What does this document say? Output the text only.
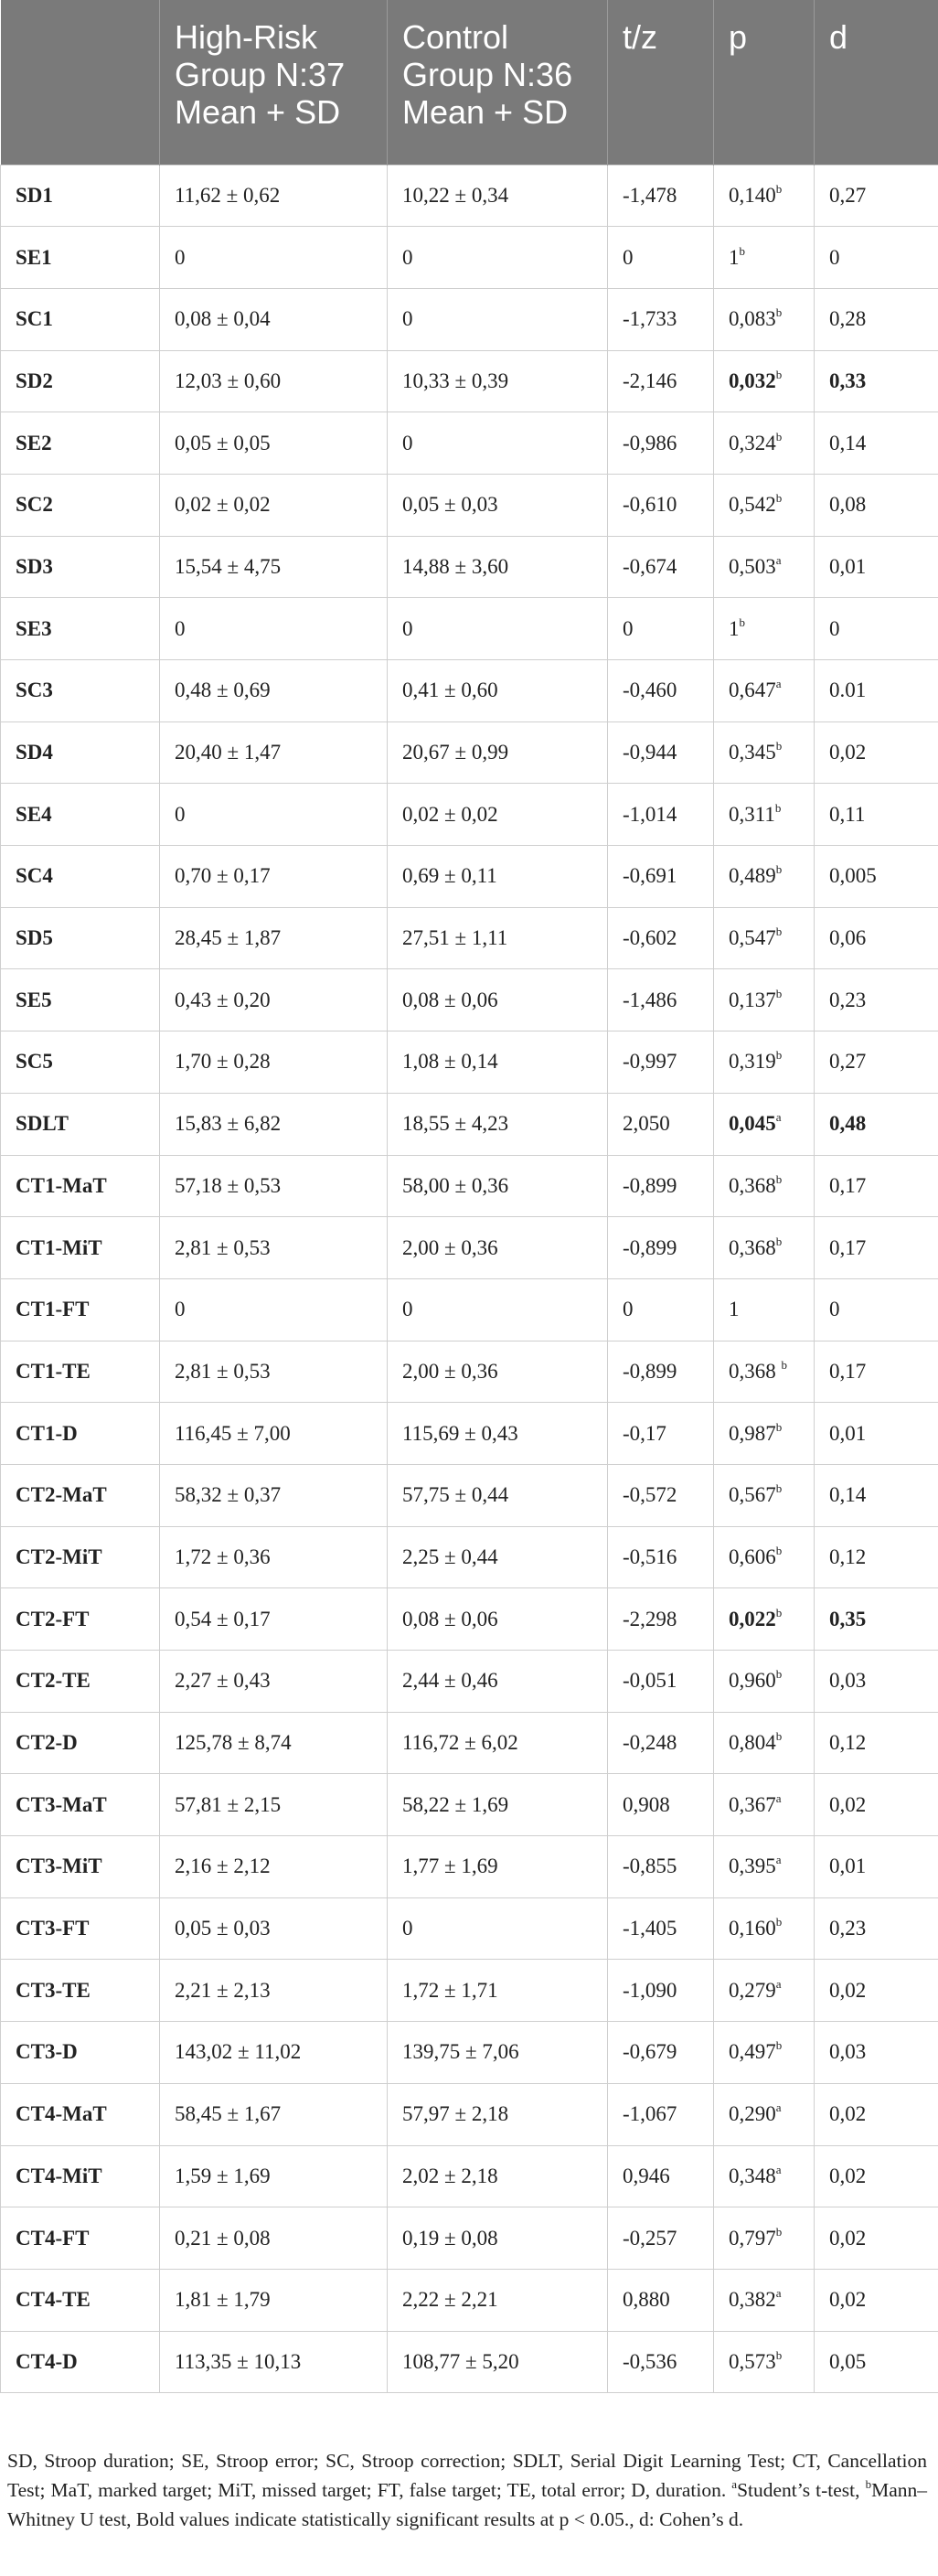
	High-Risk
Group N:37
Mean + SD	Control
Group N:36
Mean + SD	t/z	p	d
SD1	11,62 ± 0,62	10,22 ± 0,34	-1,478	0,140$^b$	0,27
SE1	0	0	0	1$^b$	0
SC1	0,08 ± 0,04	0	-1,733	0,083$^b$	0,28
SD2	12,03 ± 0,60	10,33 ± 0,39	-2,146	0,032$^b$	0,33
SE2	0,05 ± 0,05	0	-0,986	0,324$^b$	0,14
SC2	0,02 ± 0,02	0,05 ± 0,03	-0,610	0,542$^b$	0,08
SD3	15,54 ± 4,75	14,88 ± 3,60	-0,674	0,503$^a$	0,01
SE3	0	0	0	1$^b$	0
SC3	0,48 ± 0,69	0,41 ± 0,60	-0,460	0,647$^a$	0.01
SD4	20,40 ± 1,47	20,67 ± 0,99	-0,944	0,345$^b$	0,02
SE4	0	0,02 ± 0,02	-1,014	0,311$^b$	0,11
SC4	0,70 ± 0,17	0,69 ± 0,11	-0,691	0,489$^b$	0,005
SD5	28,45 ± 1,87	27,51 ± 1,11	-0,602	0,547$^b$	0,06
SE5	0,43 ± 0,20	0,08 ± 0,06	-1,486	0,137$^b$	0,23
SC5	1,70 ± 0,28	1,08 ± 0,14	-0,997	0,319$^b$	0,27
SDLT	15,83 ± 6,82	18,55 ± 4,23	2,050	0,045$^a$	0,48
CT1-MaT	57,18 ± 0,53	58,00 ± 0,36	-0,899	0,368$^b$	0,17
CT1-MiT	2,81 ± 0,53	2,00 ± 0,36	-0,899	0,368$^b$	0,17
CT1-FT	0	0	0	1	0
CT1-TE	2,81 ± 0,53	2,00 ± 0,36	-0,899	0,368 $^b$	0,17
CT1-D	116,45 ± 7,00	115,69 ± 0,43	-0,17	0,987$^b$	0,01
CT2-MaT	58,32 ± 0,37	57,75 ± 0,44	-0,572	0,567$^b$	0,14
CT2-MiT	1,72 ± 0,36	2,25 ± 0,44	-0,516	0,606$^b$	0,12
CT2-FT	0,54 ± 0,17	0,08 ± 0,06	-2,298	0,022$^b$	0,35
CT2-TE	2,27 ± 0,43	2,44 ± 0,46	-0,051	0,960$^b$	0,03
CT2-D	125,78 ± 8,74	116,72 ± 6,02	-0,248	0,804$^b$	0,12
CT3-MaT	57,81 ± 2,15	58,22 ± 1,69	0,908	0,367$^a$	0,02
CT3-MiT	2,16 ± 2,12	1,77 ± 1,69	-0,855	0,395$^a$	0,01
CT3-FT	0,05 ± 0,03	0	-1,405	0,160$^b$	0,23
CT3-TE	2,21 ± 2,13	1,72 ± 1,71	-1,090	0,279$^a$	0,02
CT3-D	143,02 ± 11,02	139,75 ± 7,06	-0,679	0,497$^b$	0,03
CT4-MaT	58,45 ± 1,67	57,97 ± 2,18	-1,067	0,290$^a$	0,02
CT4-MiT	1,59 ± 1,69	2,02 ± 2,18	0,946	0,348$^a$	0,02
CT4-FT	0,21 ± 0,08	0,19 ± 0,08	-0,257	0,797$^b$	0,02
CT4-TE	1,81 ± 1,79	2,22 ± 2,21	0,880	0,382$^a$	0,02
CT4-D	113,35 ± 10,13	108,77 ± 5,20	-0,536	0,573$^b$	0,05
SD, Stroop duration; SE, Stroop error; SC, Stroop correction; SDLT, Serial Digit Learning Test; CT, Cancellation Test; MaT, marked target; MiT, missed target; FT, false target; TE, total error; D, duration. $^a$Student’s t-test, $^b$Mann–Whitney U test, Bold values indicate statistically significant results at p < 0.05., d: Cohen’s d.
